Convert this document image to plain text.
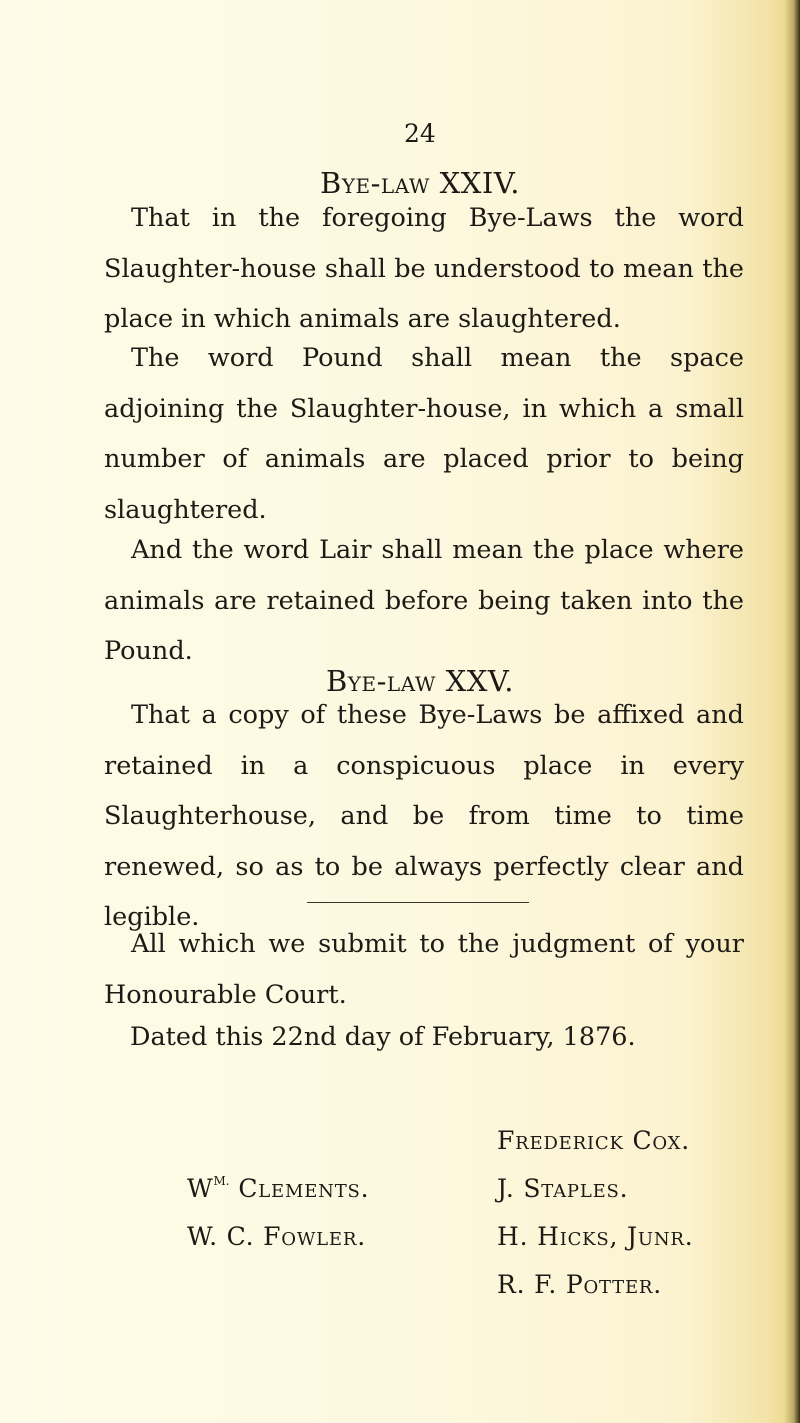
24
Bye-law XXIV.

That in the foregoing Bye-Laws the word Slaughter-house shall be understood to mean the place in which animals are slaughtered.

The word Pound shall mean the space adjoining the Slaughter-house, in which a small number of animals are placed prior to being slaughtered.

And the word Lair shall mean the place where animals are retained before being taken into the Pound.

Bye-law XXV.

That a copy of these Bye-Laws be affixed and retained in a conspicuous place in every Slaughterhouse, and be from time to time renewed, so as to be always perfectly clear and legible.

All which we submit to the judgment of your Honourable Court.

Dated this 22nd day of February, 1876.
Frederick Cox.
J. Staples.
H. Hicks, Junr.
R. F. Potter.
$W^{M.}$ Clements.
W. C. Fowler.
